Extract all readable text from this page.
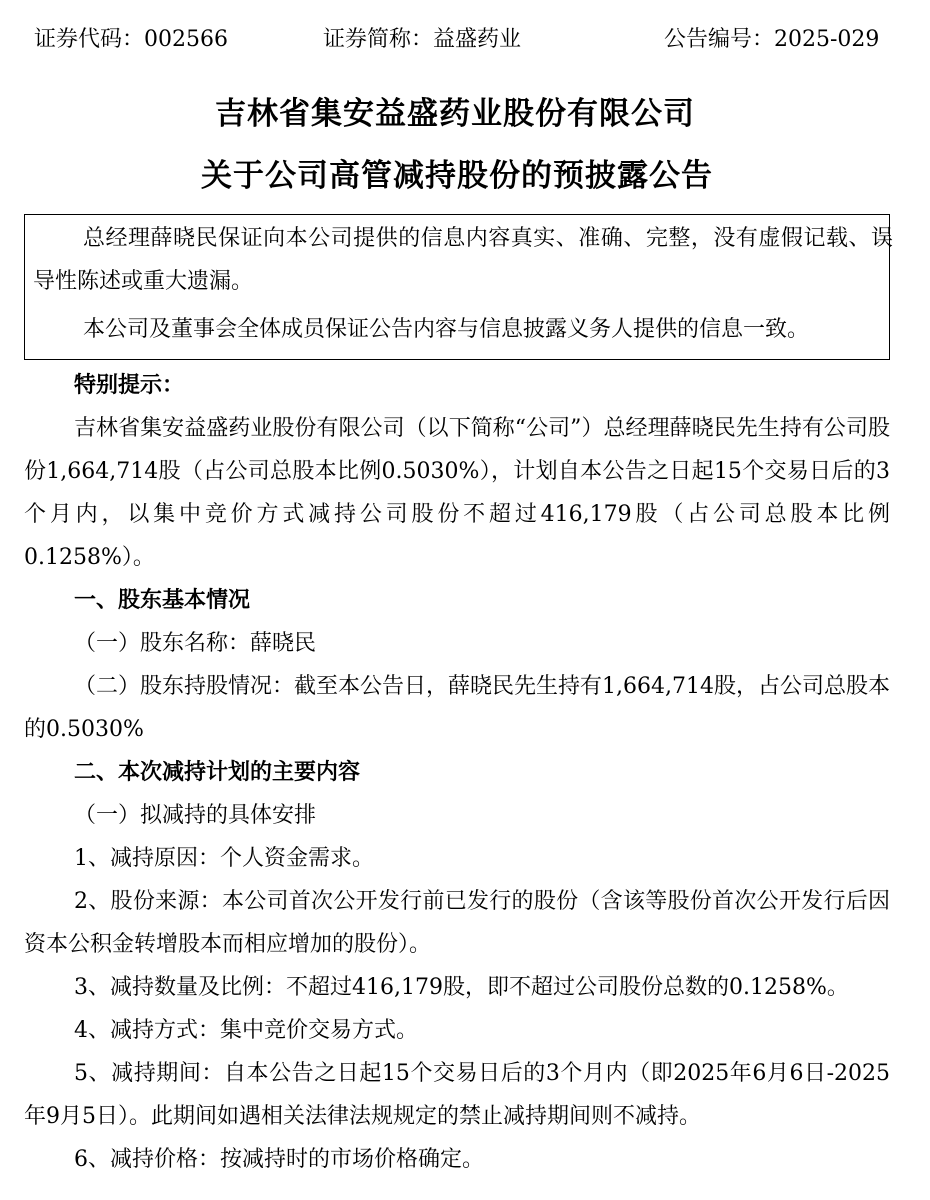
证券代码：002566	证券简称：益盛药业	公告编号：2025-029
吉林省集安益盛药业股份有限公司
关于公司高管减持股份的预披露公告

总经理薛晓民保证向本公司提供的信息内容真实、准确、完整，没有虚假记载、误导性陈述或重大遗漏。

本公司及董事会全体成员保证公告内容与信息披露义务人提供的信息一致。

特别提示：

吉林省集安益盛药业股份有限公司（以下简称“公司”）总经理薛晓民先生持有公司股份1,664,714股（占公司总股本比例0.5030%），计划自本公告之日起15个交易日后的3个月内，以集中竞价方式减持公司股份不超过416,179股（占公司总股本比例0.1258%）。

一、股东基本情况

（一）股东名称：薛晓民

（二）股东持股情况：截至本公告日，薛晓民先生持有1,664,714股，占公司总股本的0.5030%

二、本次减持计划的主要内容

（一）拟减持的具体安排

1、减持原因：个人资金需求。

2、股份来源：本公司首次公开发行前已发行的股份（含该等股份首次公开发行后因资本公积金转增股本而相应增加的股份）。

3、减持数量及比例：不超过416,179股，即不超过公司股份总数的0.1258%。

4、减持方式：集中竞价交易方式。

5、减持期间：自本公告之日起15个交易日后的3个月内（即2025年6月6日-2025年9月5日）。此期间如遇相关法律法规规定的禁止减持期间则不减持。

6、减持价格：按减持时的市场价格确定。
